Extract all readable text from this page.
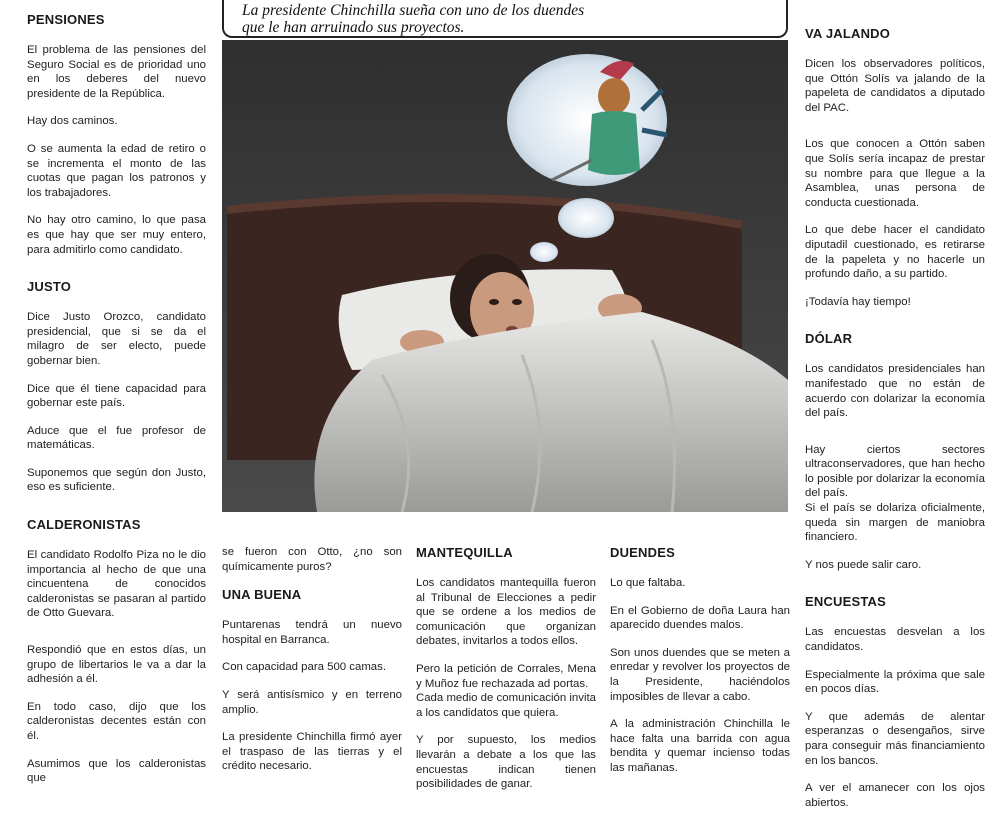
PENSIONES

El problema de las pensiones del Seguro Social es de prioridad uno en los deberes del nuevo presidente de la República.

Hay dos caminos.

O se aumenta la edad de retiro o se incrementa el monto de las cuotas que pagan los patronos y los trabajadores.

No hay otro camino, lo que pasa es que hay que ser muy entero, para admitirlo como candidato.

JUSTO

Dice Justo Orozco, candidato presidencial, que si se da el milagro de ser electo, puede gobernar bien.

Dice que él tiene capacidad para gobernar este país.

Aduce que el fue profesor de matemáticas.

Suponemos que según don Justo, eso es suficiente.

CALDERONISTAS

El candidato Rodolfo Piza no le dio importancia al hecho de que una cincuentena de conocidos calderonistas se pasaran al partido de Otto Guevara.

Respondió que en estos días, un grupo de libertarios le va a dar la adhesión a él.

En todo caso, dijo que los calderonistas decentes están con él.

Asumimos que los calderonistas que

La presidente Chinchilla sueña con uno de los duendes
que le han arruinado sus proyectos.

se fueron con Otto, ¿no son químicamente puros?

UNA BUENA

Puntarenas tendrá un nuevo hospital en Barranca.

Con capacidad para 500 camas.

Y será antisísmico y en terreno amplio.

La presidente Chinchilla firmó ayer el traspaso de las tierras y el crédito necesario.

MANTEQUILLA

Los candidatos mantequilla fueron al Tribunal de Elecciones a pedir que se ordene a los medios de comunicación que organizan debates, invitarlos a todos ellos.

Pero la petición de Corrales, Mena y Muñoz fue rechazada ad portas.

Cada medio de comunicación invita a los candidatos que quiera.

Y por supuesto, los medios llevarán a debate a los que las encuestas indican tienen posibilidades de ganar.

DUENDES

Lo que faltaba.

En el Gobierno de doña Laura han aparecido duendes malos.

Son unos duendes que se meten a enredar y revolver los proyectos de la Presidente, haciéndolos imposibles de llevar a cabo.

A la administración Chinchilla le hace falta una barrida con agua bendita y quemar incienso todas las mañanas.

VA JALANDO

Dicen los observadores políticos, que Ottón Solís va jalando de la papeleta de candidatos a diputado del PAC.

Los que conocen a Ottón saben que Solís sería incapaz de prestar su nombre para que llegue a la Asamblea, unas persona de conducta cuestionada.

Lo que debe hacer el candidato diputadil cuestionado, es retirarse de la papeleta y no hacerle un profundo daño, a su partido.

¡Todavía hay tiempo!

DÓLAR

Los candidatos presidenciales han manifestado que no están de acuerdo con dolarizar la economía del país.

Hay ciertos sectores ultraconservadores, que han hecho lo posible por dolarizar la economía del país.

Si el país se dolariza oficialmente, queda sin margen de maniobra financiero.

Y nos puede salir caro.

ENCUESTAS

Las encuestas desvelan a los candidatos.

Especialmente la próxima que sale en pocos días.

Y que además de alentar esperanzas o desengaños, sirve para conseguir más financiamiento en los bancos.

A ver el amanecer con los ojos abiertos.
